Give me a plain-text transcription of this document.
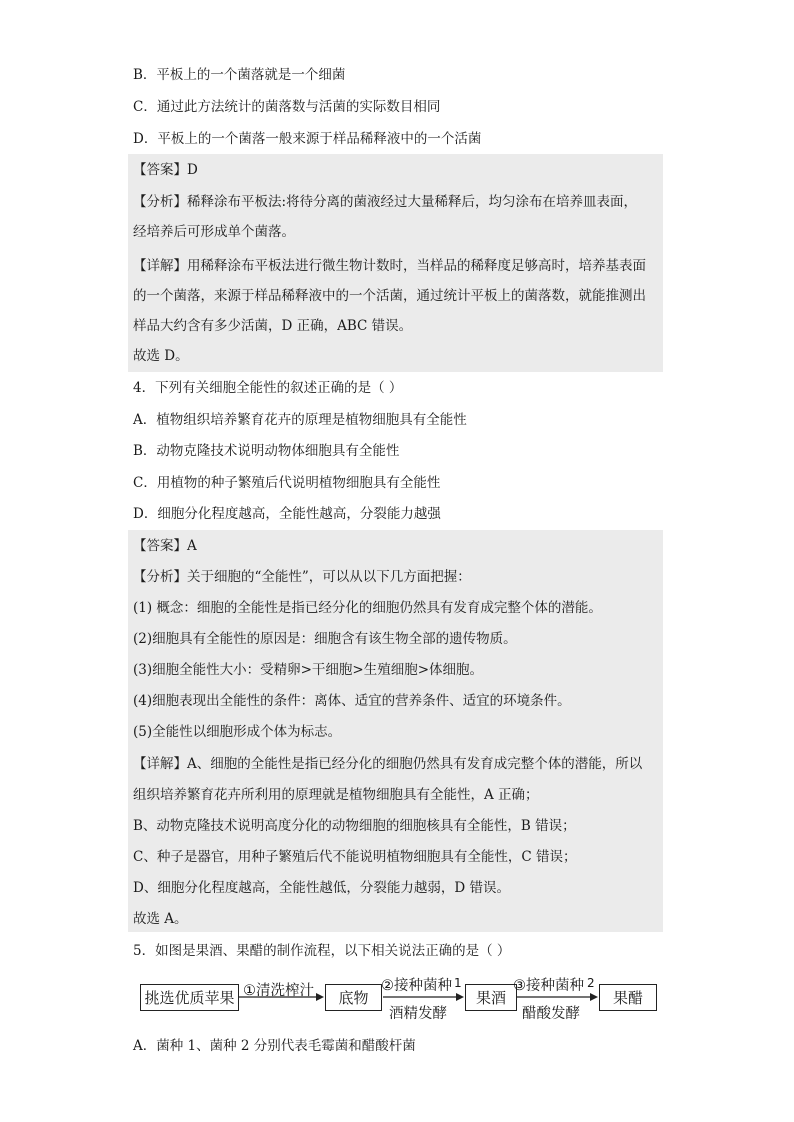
B．平板上的一个菌落就是一个细菌
C．通过此方法统计的菌落数与活菌的实际数目相同
D．平板上的一个菌落一般来源于样品稀释液中的一个活菌
【答案】D
【分析】稀释涂布平板法:将待分离的菌液经过大量稀释后，均匀涂布在培养皿表面，
经培养后可形成单个菌落。
【详解】用稀释涂布平板法进行微生物计数时，当样品的稀释度足够高时，培养基表面
的一个菌落，来源于样品稀释液中的一个活菌，通过统计平板上的菌落数，就能推测出
样品大约含有多少活菌，D 正确，ABC 错误。
故选 D。
4．下列有关细胞全能性的叙述正确的是（ ）
A．植物组织培养繁育花卉的原理是植物细胞具有全能性
B．动物克隆技术说明动物体细胞具有全能性
C．用植物的种子繁殖后代说明植物细胞具有全能性
D．细胞分化程度越高，全能性越高，分裂能力越强
【答案】A
【分析】关于细胞的“全能性”，可以从以下几方面把握：
(1) 概念：细胞的全能性是指已经分化的细胞仍然具有发育成完整个体的潜能。
(2)细胞具有全能性的原因是：细胞含有该生物全部的遗传物质。
(3)细胞全能性大小：受精卵>干细胞>生殖细胞>体细胞。
(4)细胞表现出全能性的条件：离体、适宜的营养条件、适宜的环境条件。
(5)全能性以细胞形成个体为标志。
【详解】A、细胞的全能性是指已经分化的细胞仍然具有发育成完整个体的潜能，所以
组织培养繁育花卉所利用的原理就是植物细胞具有全能性，A 正确；
B、动物克隆技术说明高度分化的动物细胞的细胞核具有全能性，B 错误；
C、种子是器官，用种子繁殖后代不能说明植物细胞具有全能性，C 错误；
D、细胞分化程度越高，全能性越低，分裂能力越弱，D 错误。
故选 A。
5．如图是果酒、果醋的制作流程，以下相关说法正确的是（ ）
挑选优质苹果 ①清洗榨汁	底物
②接种菌种 1
酒精发酵
果酒
③接种菌种 2
醋酸发酵
果醋
A．菌种 1、菌种 2 分别代表毛霉菌和醋酸杆菌
